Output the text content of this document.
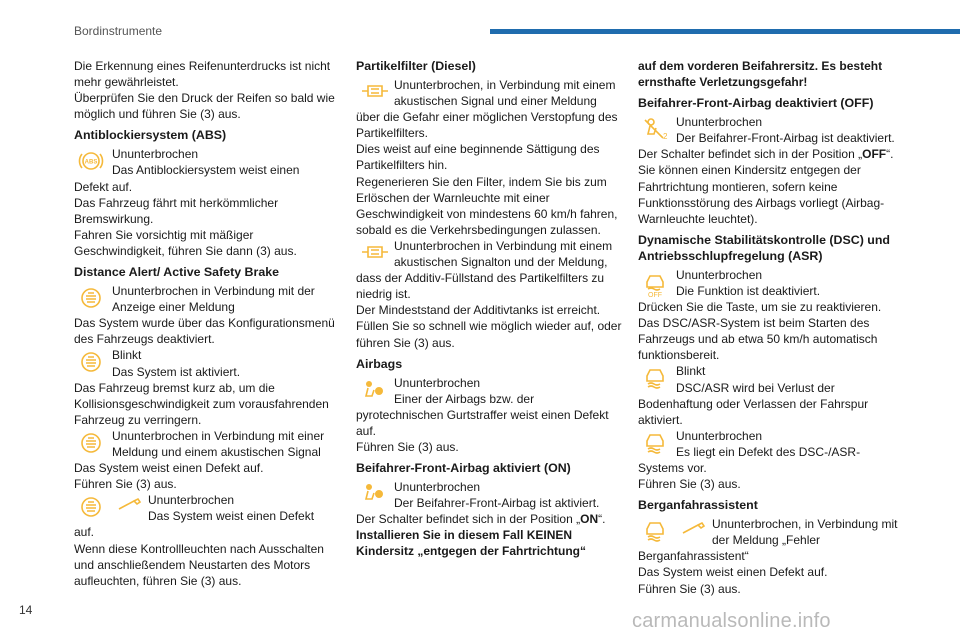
Bordinstrumente

Die Erkennung eines Reifenunterdrucks ist nicht mehr gewährleistet.

Überprüfen Sie den Druck der Reifen so bald wie möglich und führen Sie (3) aus.

Antiblockiersystem (ABS)
ABS
Ununterbrochen
Das Antiblockiersystem weist einen
Defekt auf.
Das Fahrzeug fährt mit herkömmlicher Bremswirkung.
Fahren Sie vorsichtig mit mäßiger Geschwindigkeit, führen Sie dann (3) aus.
Distance Alert/ Active Safety Brake
Ununterbrochen in Verbindung mit der Anzeige einer Meldung
Das System wurde über das Konfigurationsmenü des Fahrzeugs deaktiviert.
Blinkt
Das System ist aktiviert.
Das Fahrzeug bremst kurz ab, um die Kollisionsgeschwindigkeit zum vorausfahrenden Fahrzeug zu verringern.
Ununterbrochen in Verbindung mit einer Meldung und einem akustischen Signal
Das System weist einen Defekt auf.
Führen Sie (3) aus.
Ununterbrochen
Das System weist einen Defekt
auf.
Wenn diese Kontrollleuchten nach Ausschalten und anschließendem Neustarten des Motors aufleuchten, führen Sie (3) aus.
Partikelfilter (Diesel)
Ununterbrochen, in Verbindung mit einem akustischen Signal und einer Meldung
über die Gefahr einer möglichen Verstopfung des Partikelfilters.
Dies weist auf eine beginnende Sättigung des Partikelfilters hin.
Regenerieren Sie den Filter, indem Sie bis zum Erlöschen der Warnleuchte mit einer Geschwindigkeit von mindestens 60 km/h fahren, sobald es die Verkehrsbedingungen zulassen.
Ununterbrochen in Verbindung mit einem akustischen Signalton und der Meldung,
dass der Additiv-Füllstand des Partikelfilters zu niedrig ist.
Der Mindeststand der Additivtanks ist erreicht.
Füllen Sie so schnell wie möglich wieder auf, oder führen Sie (3) aus.
Airbags
Ununterbrochen
Einer der Airbags bzw. der
pyrotechnischen Gurtstraffer weist einen Defekt auf.
Führen Sie (3) aus.
Beifahrer-Front-Airbag aktiviert (ON)
Ununterbrochen
Der Beifahrer-Front-Airbag ist aktiviert.
Der Schalter befindet sich in der Position „ON“.
Installieren Sie in diesem Fall KEINEN Kindersitz „entgegen der Fahrtrichtung“

auf dem vorderen Beifahrersitz. Es besteht ernsthafte Verletzungsgefahr!

Beifahrer-Front-Airbag deaktiviert (OFF)
2
Ununterbrochen
Der Beifahrer-Front-Airbag ist deaktiviert.
Der Schalter befindet sich in der Position „OFF“.
Sie können einen Kindersitz entgegen der Fahrtrichtung montieren, sofern keine Funktionsstörung des Airbags vorliegt (Airbag-Warnleuchte leuchtet).
Dynamische Stabilitätskontrolle (DSC) und Antriebsschlupfregelung (ASR)
OFF
Ununterbrochen
Die Funktion ist deaktiviert.
Drücken Sie die Taste, um sie zu reaktivieren.
Das DSC/ASR-System ist beim Starten des Fahrzeugs und ab etwa 50 km/h automatisch funktionsbereit.
Blinkt
DSC/ASR wird bei Verlust der
Bodenhaftung oder Verlassen der Fahrspur aktiviert.
Ununterbrochen
Es liegt ein Defekt des DSC-/ASR-
Systems vor.
Führen Sie (3) aus.
Berganfahrassistent
Ununterbrochen, in Verbindung mit der Meldung „Fehler
Berganfahrassistent“
Das System weist einen Defekt auf.
Führen Sie (3) aus.
14	carmanualsonline.info
